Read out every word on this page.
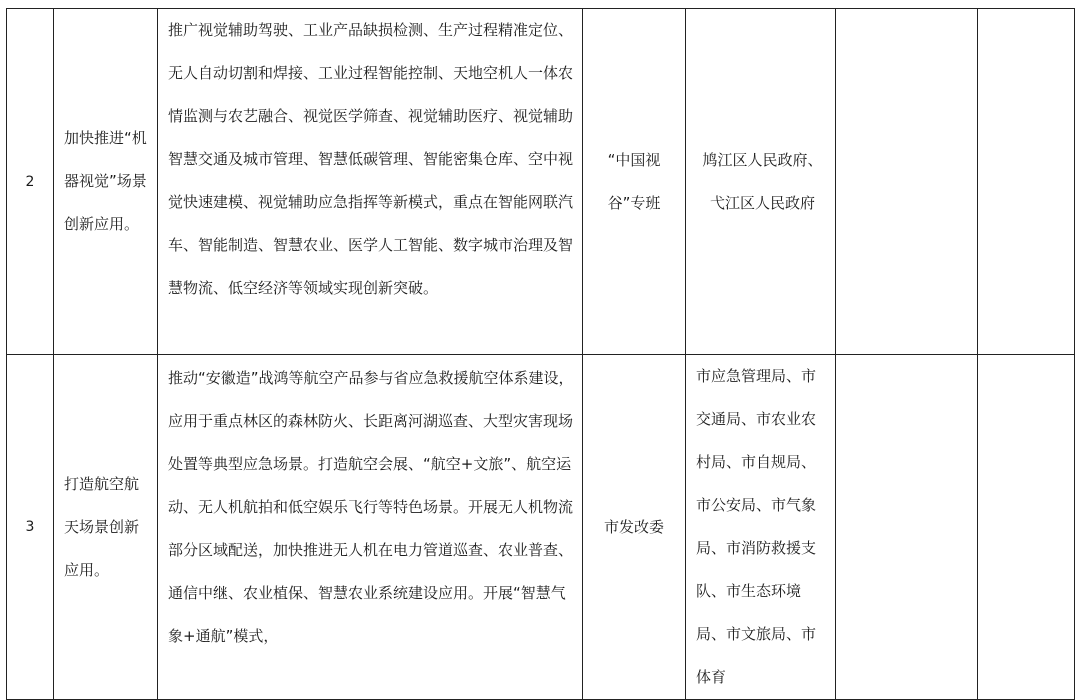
2	加快推进“机器视觉”场景创新应用。	推广视觉辅助驾驶、工业产品缺损检测、生产过程精准定位、无人自动切割和焊接、工业过程智能控制、天地空机人一体农情监测与农艺融合、视觉医学筛查、视觉辅助医疗、视觉辅助智慧交通及城市管理、智慧低碳管理、智能密集仓库、空中视觉快速建模、视觉辅助应急指挥等新模式，重点在智能网联汽车、智能制造、智慧农业、医学人工智能、数字城市治理及智慧物流、低空经济等领域实现创新突破。	“中国视谷”专班	鸠江区人民政府、弋江区人民政府		
3	打造航空航天场景创新应用。	推动“安徽造”战鸿等航空产品参与省应急救援航空体系建设，应用于重点林区的森林防火、长距离河湖巡查、大型灾害现场处置等典型应急场景。打造航空会展、“航空+文旅”、航空运动、无人机航拍和低空娱乐飞行等特色场景。开展无人机物流部分区域配送，加快推进无人机在电力管道巡查、农业普查、通信中继、农业植保、智慧农业系统建设应用。开展“智慧气象+通航”模式，	市发改委	市应急管理局、市交通局、市农业农村局、市自规局、市公安局、市气象局、市消防救援支队、市生态环境局、市文旅局、市体育		
